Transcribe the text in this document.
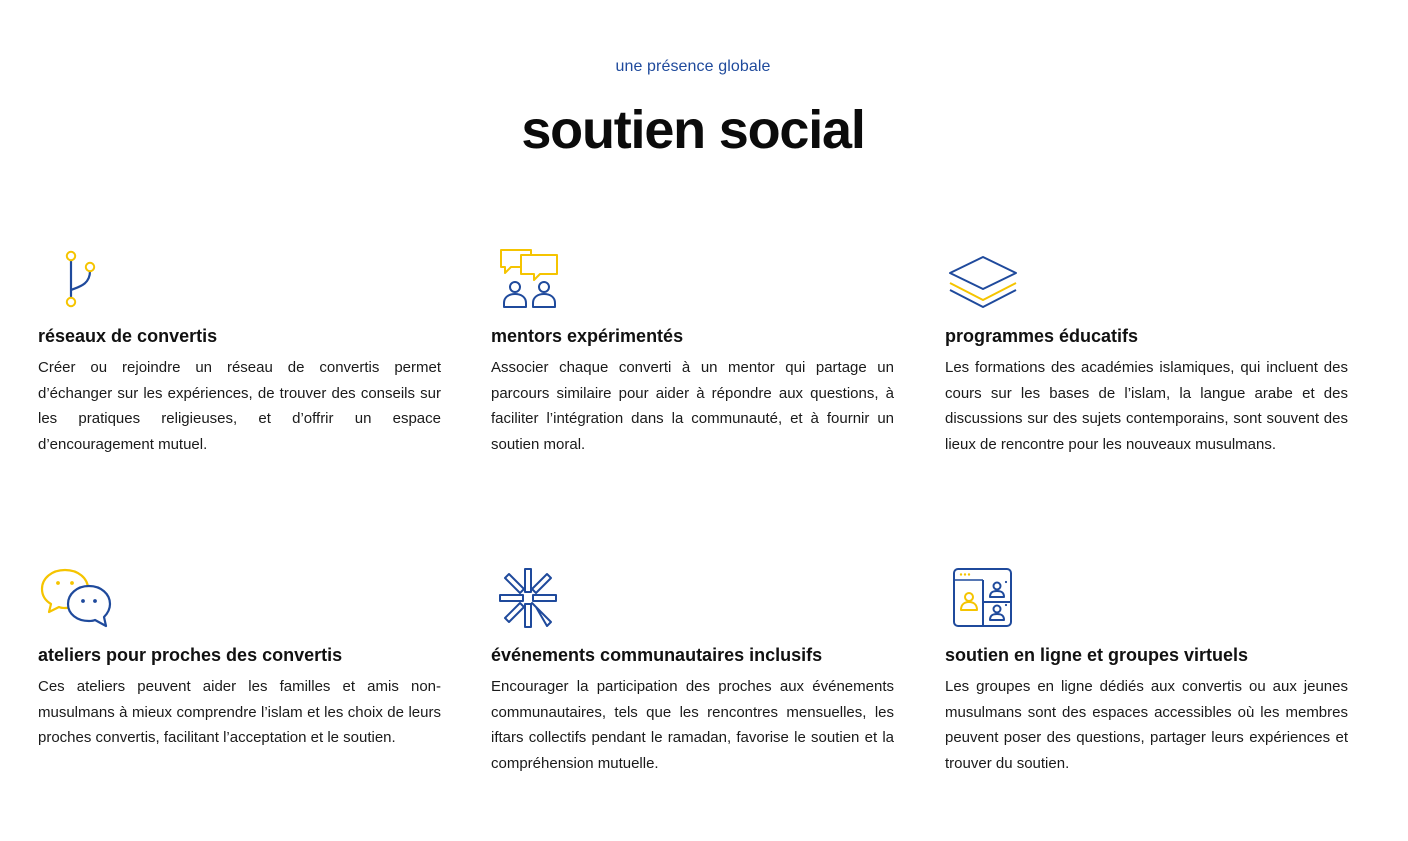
une présence globale
soutien social
réseaux de convertis

Créer ou rejoindre un réseau de convertis permet d’échanger sur les expériences, de trouver des conseils sur les pratiques religieuses, et d’offrir un espace d’encouragement mutuel.

mentors expérimentés

Associer chaque converti à un mentor qui partage un parcours similaire pour aider à répondre aux questions, à faciliter l’intégration dans la communauté, et à fournir un soutien moral.

programmes éducatifs

Les formations des académies islamiques, qui incluent des cours sur les bases de l’islam, la langue arabe et des discussions sur des sujets contemporains, sont souvent des lieux de rencontre pour les nouveaux musulmans.

ateliers pour proches des convertis

Ces ateliers peuvent aider les familles et amis non-musulmans à mieux comprendre l’islam et les choix de leurs proches convertis, facilitant l’acceptation et le soutien.

événements communautaires inclusifs

Encourager la participation des proches aux événements communautaires, tels que les rencontres mensuelles, les iftars collectifs pendant le ramadan, favorise le soutien et la compréhension mutuelle.

soutien en ligne et groupes virtuels

Les groupes en ligne dédiés aux convertis ou aux jeunes musulmans sont des espaces accessibles où les membres peuvent poser des questions, partager leurs expériences et trouver du soutien.
